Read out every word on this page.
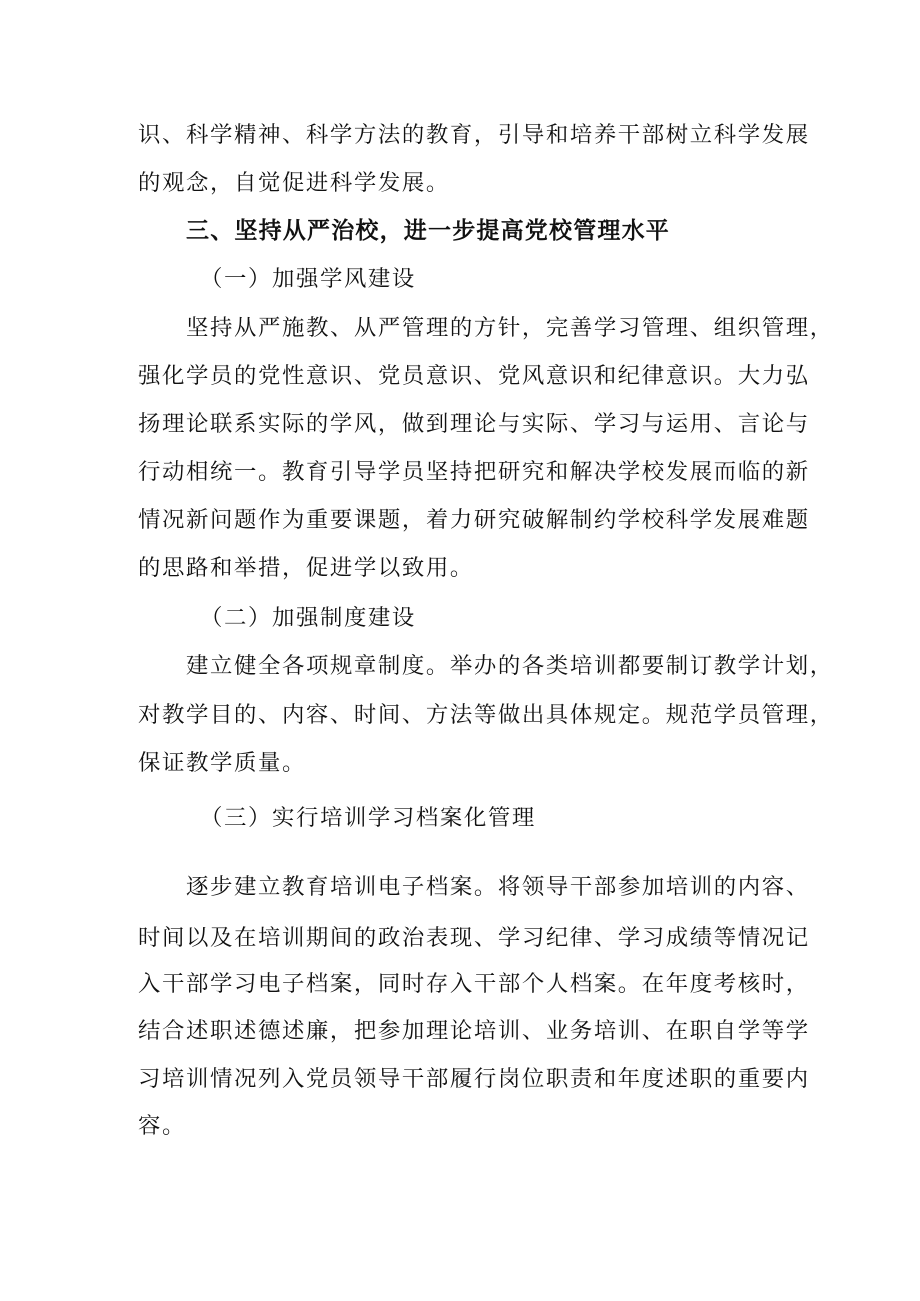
识、科学精神、科学方法的教育，引导和培养干部树立科学发展
的观念，自觉促进科学发展。
三、坚持从严治校，进一步提高党校管理水平
（一）加强学风建设
坚持从严施教、从严管理的方针，完善学习管理、组织管理，
强化学员的党性意识、党员意识、党风意识和纪律意识。大力弘
扬理论联系实际的学风，做到理论与实际、学习与运用、言论与
行动相统一。教育引导学员坚持把研究和解决学校发展而临的新
情况新问题作为重要课题，着力研究破解制约学校科学发展难题
的思路和举措，促进学以致用。
（二）加强制度建设
建立健全各项规章制度。举办的各类培训都要制订教学计划，
对教学目的、内容、时间、方法等做出具体规定。规范学员管理，
保证教学质量。
（三）实行培训学习档案化管理
逐步建立教育培训电子档案。将领导干部参加培训的内容、
时间以及在培训期间的政治表现、学习纪律、学习成绩等情况记
入干部学习电子档案，同时存入干部个人档案。在年度考核时，
结合述职述德述廉，把参加理论培训、业务培训、在职自学等学
习培训情况列入党员领导干部履行岗位职责和年度述职的重要内
容。
